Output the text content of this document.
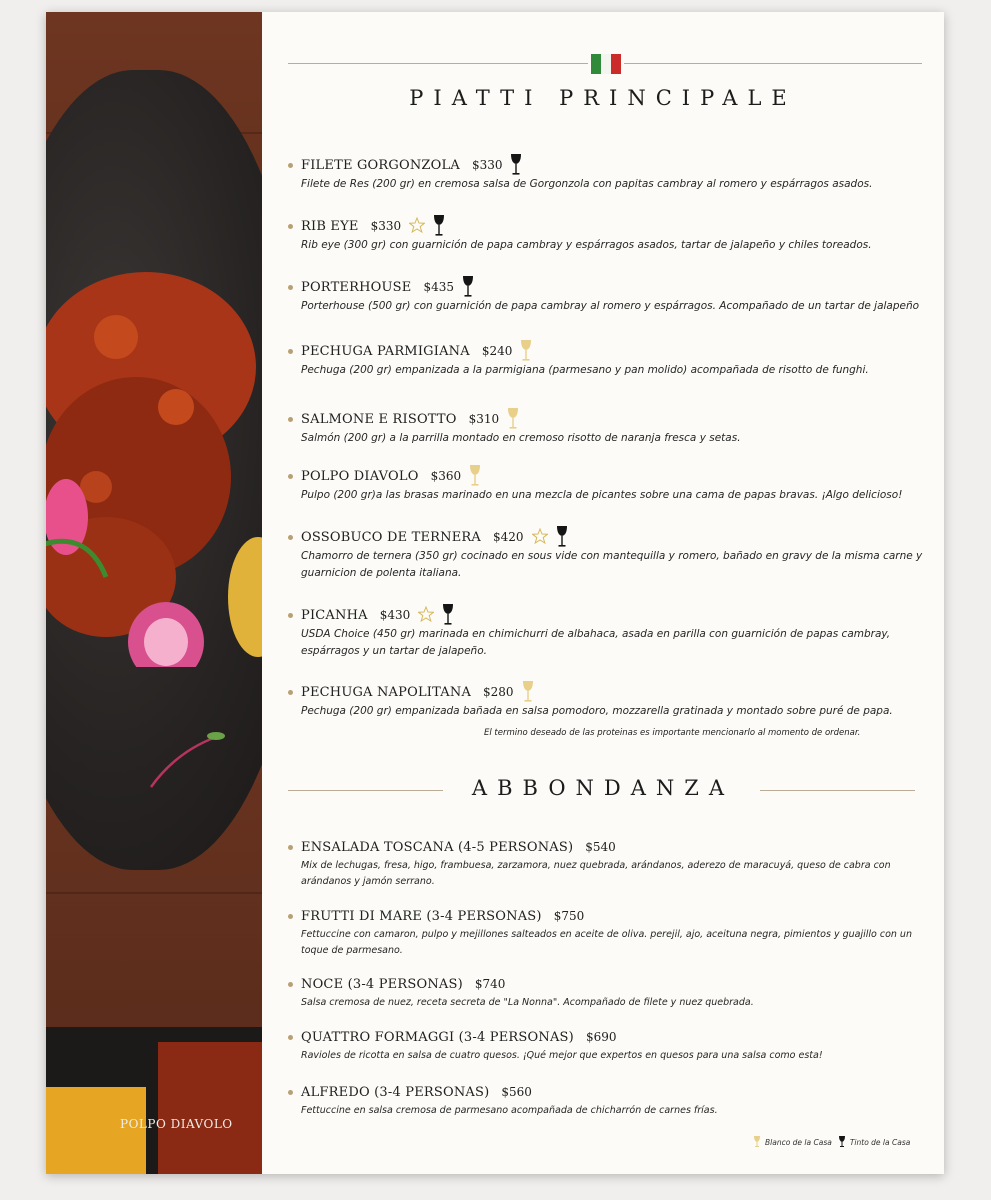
POLPO DIAVOLO
PIATTI PRINCIPALE
FILETE GORGONZOLA $330
Filete de Res (200 gr) en cremosa salsa de Gorgonzola con papitas cambray al romero y espárragos asados.
RIB EYE $330
Rib eye (300 gr) con guarnición de papa cambray y espárragos asados, tartar de jalapeño y chiles toreados.
PORTERHOUSE $435
Porterhouse (500 gr) con guarnición de papa cambray al romero y espárragos. Acompañado de un tartar de jalapeño
PECHUGA PARMIGIANA $240
Pechuga (200 gr) empanizada a la parmigiana (parmesano y pan molido) acompañada de risotto de funghi.
SALMONE E RISOTTO $310
Salmón (200 gr) a la parrilla montado en cremoso risotto de naranja fresca y setas.
POLPO DIAVOLO $360
Pulpo (200 gr)a las brasas marinado en una mezcla de picantes sobre una cama de papas bravas. ¡Algo delicioso!
OSSOBUCO DE TERNERA $420
Chamorro de ternera (350 gr) cocinado en sous vide con mantequilla y romero, bañado en gravy de la misma carne y guarnicion de polenta italiana.
PICANHA $430
USDA Choice (450 gr) marinada en chimichurri de albahaca, asada en parilla con guarnición de papas cambray, espárragos y un tartar de jalapeño.
PECHUGA NAPOLITANA $280
Pechuga (200 gr) empanizada bañada en salsa pomodoro, mozzarella gratinada y montado sobre puré de papa.
El termino deseado de las proteinas es importante mencionarlo al momento de ordenar.
ABBONDANZA
ENSALADA TOSCANA (4-5 PERSONAS) $540
Mix de lechugas, fresa, higo, frambuesa, zarzamora, nuez quebrada, arándanos, aderezo de maracuyá, queso de cabra con arándanos y jamón serrano.
FRUTTI DI MARE (3-4 PERSONAS) $750
Fettuccine con camaron, pulpo y mejillones salteados en aceite de oliva. perejil, ajo, aceituna negra, pimientos y guajillo con un toque de parmesano.
NOCE (3-4 PERSONAS) $740
Salsa cremosa de nuez, receta secreta de "La Nonna". Acompañado de filete y nuez quebrada.
QUATTRO FORMAGGI (3-4 PERSONAS) $690
Ravioles de ricotta en salsa de cuatro quesos. ¡Qué mejor que expertos en quesos para una salsa como esta!
ALFREDO (3-4 PERSONAS) $560
Fettuccine en salsa cremosa de parmesano acompañada de chicharrón de carnes frías.
Blanco de la Casa Tinto de la Casa
